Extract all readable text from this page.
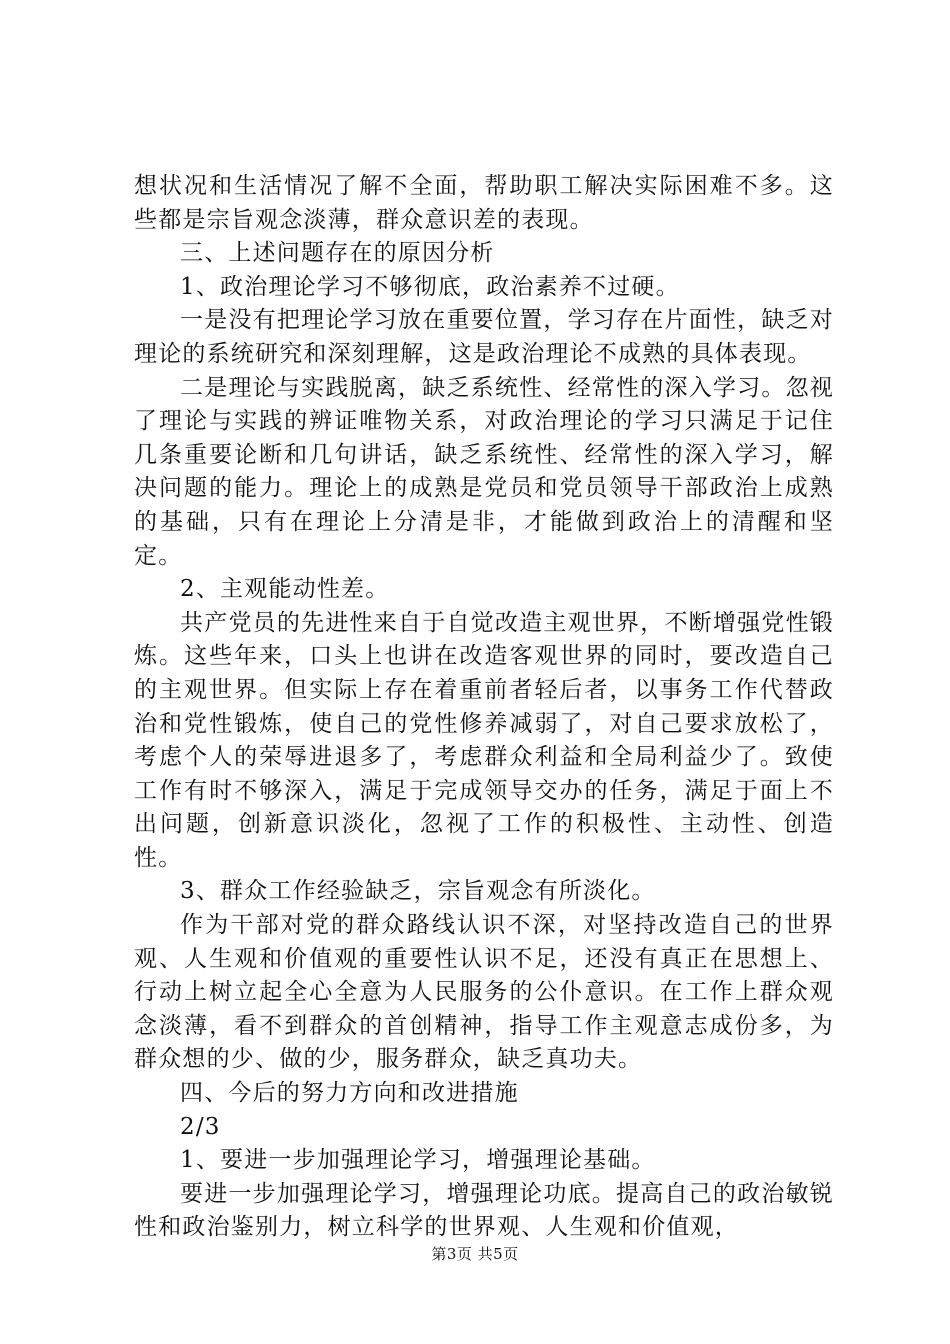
想状况和生活情况了解不全面，帮助职工解决实际困难不多。这些都是宗旨观念淡薄，群众意识差的表现。

三、上述问题存在的原因分析

1、政治理论学习不够彻底，政治素养不过硬。

一是没有把理论学习放在重要位置，学习存在片面性，缺乏对理论的系统研究和深刻理解，这是政治理论不成熟的具体表现。

二是理论与实践脱离，缺乏系统性、经常性的深入学习。忽视了理论与实践的辨证唯物关系，对政治理论的学习只满足于记住几条重要论断和几句讲话，缺乏系统性、经常性的深入学习，解决问题的能力。理论上的成熟是党员和党员领导干部政治上成熟的基础，只有在理论上分清是非，才能做到政治上的清醒和坚定。

2、主观能动性差。

共产党员的先进性来自于自觉改造主观世界，不断增强党性锻炼。这些年来，口头上也讲在改造客观世界的同时，要改造自己的主观世界。但实际上存在着重前者轻后者，以事务工作代替政治和党性锻炼，使自己的党性修养减弱了，对自己要求放松了，考虑个人的荣辱进退多了，考虑群众利益和全局利益少了。致使工作有时不够深入，满足于完成领导交办的任务，满足于面上不出问题，创新意识淡化，忽视了工作的积极性、主动性、创造性。

3、群众工作经验缺乏，宗旨观念有所淡化。

作为干部对党的群众路线认识不深，对坚持改造自己的世界观、人生观和价值观的重要性认识不足，还没有真正在思想上、行动上树立起全心全意为人民服务的公仆意识。在工作上群众观念淡薄，看不到群众的首创精神，指导工作主观意志成份多，为群众想的少、做的少，服务群众，缺乏真功夫。

四、今后的努力方向和改进措施

2/3

1、要进一步加强理论学习，增强理论基础。

要进一步加强理论学习，增强理论功底。提高自己的政治敏锐性和政治鉴别力，树立科学的世界观、人生观和价值观，

第3页 共5页
